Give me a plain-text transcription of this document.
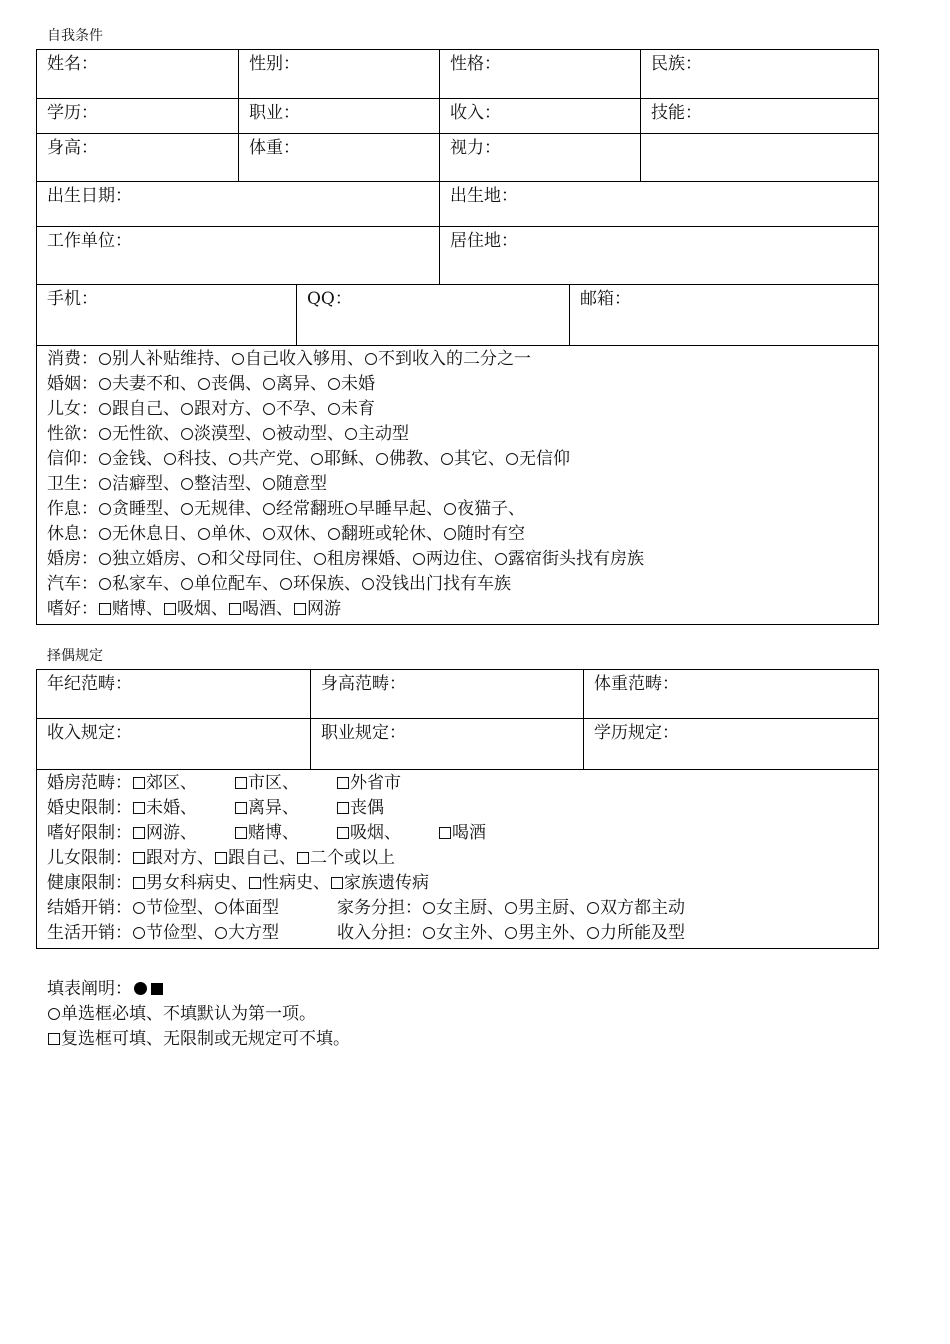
自我条件
姓名：	性别：	性格：	民族：
学历：	职业：	收入：	技能：
身高：	体重：	视力：
出生日期：	出生地：
工作单位：	居住地：
手机：	QQ：	邮箱：
消费： 别人补贴维持、 自己收入够用、 不到收入的二分之一
婚姻： 夫妻不和、 丧偶、 离异、 未婚
儿女： 跟自己、 跟对方、 不孕、 未育
性欲： 无性欲、 淡漠型、 被动型、 主动型
信仰： 金钱、 科技、 共产党、 耶稣、 佛教、 其它、 无信仰
卫生： 洁癖型、 整洁型、 随意型
作息： 贪睡型、 无规律、 经常翻班 早睡早起、 夜猫子、
休息： 无休息日、 单休、 双休、 翻班或轮休、 随时有空
婚房： 独立婚房、 和父母同住、 租房裸婚、 两边住、 露宿街头找有房族
汽车： 私家车、 单位配车、 环保族、 没钱出门找有车族
嗜好： 赌博、 吸烟、 喝酒、 网游
择偶规定
年纪范畴：	身高范畴：	体重范畴：
收入规定：	职业规定：	学历规定：
婚房范畴： 郊区、	市区、	外省市
婚史限制： 未婚、	离异、	丧偶
嗜好限制： 网游、	赌博、	吸烟、	喝酒
儿女限制： 跟对方、 跟自己、 二个或以上
健康限制： 男女科病史、 性病史、 家族遗传病
结婚开销： 节俭型、 体面型	家务分担： 女主厨、 男主厨、 双方都主动
生活开销： 节俭型、 大方型	收入分担： 女主外、 男主外、 力所能及型
填表阐明：
单选框必填、不填默认为第一项。
复选框可填、无限制或无规定可不填。
